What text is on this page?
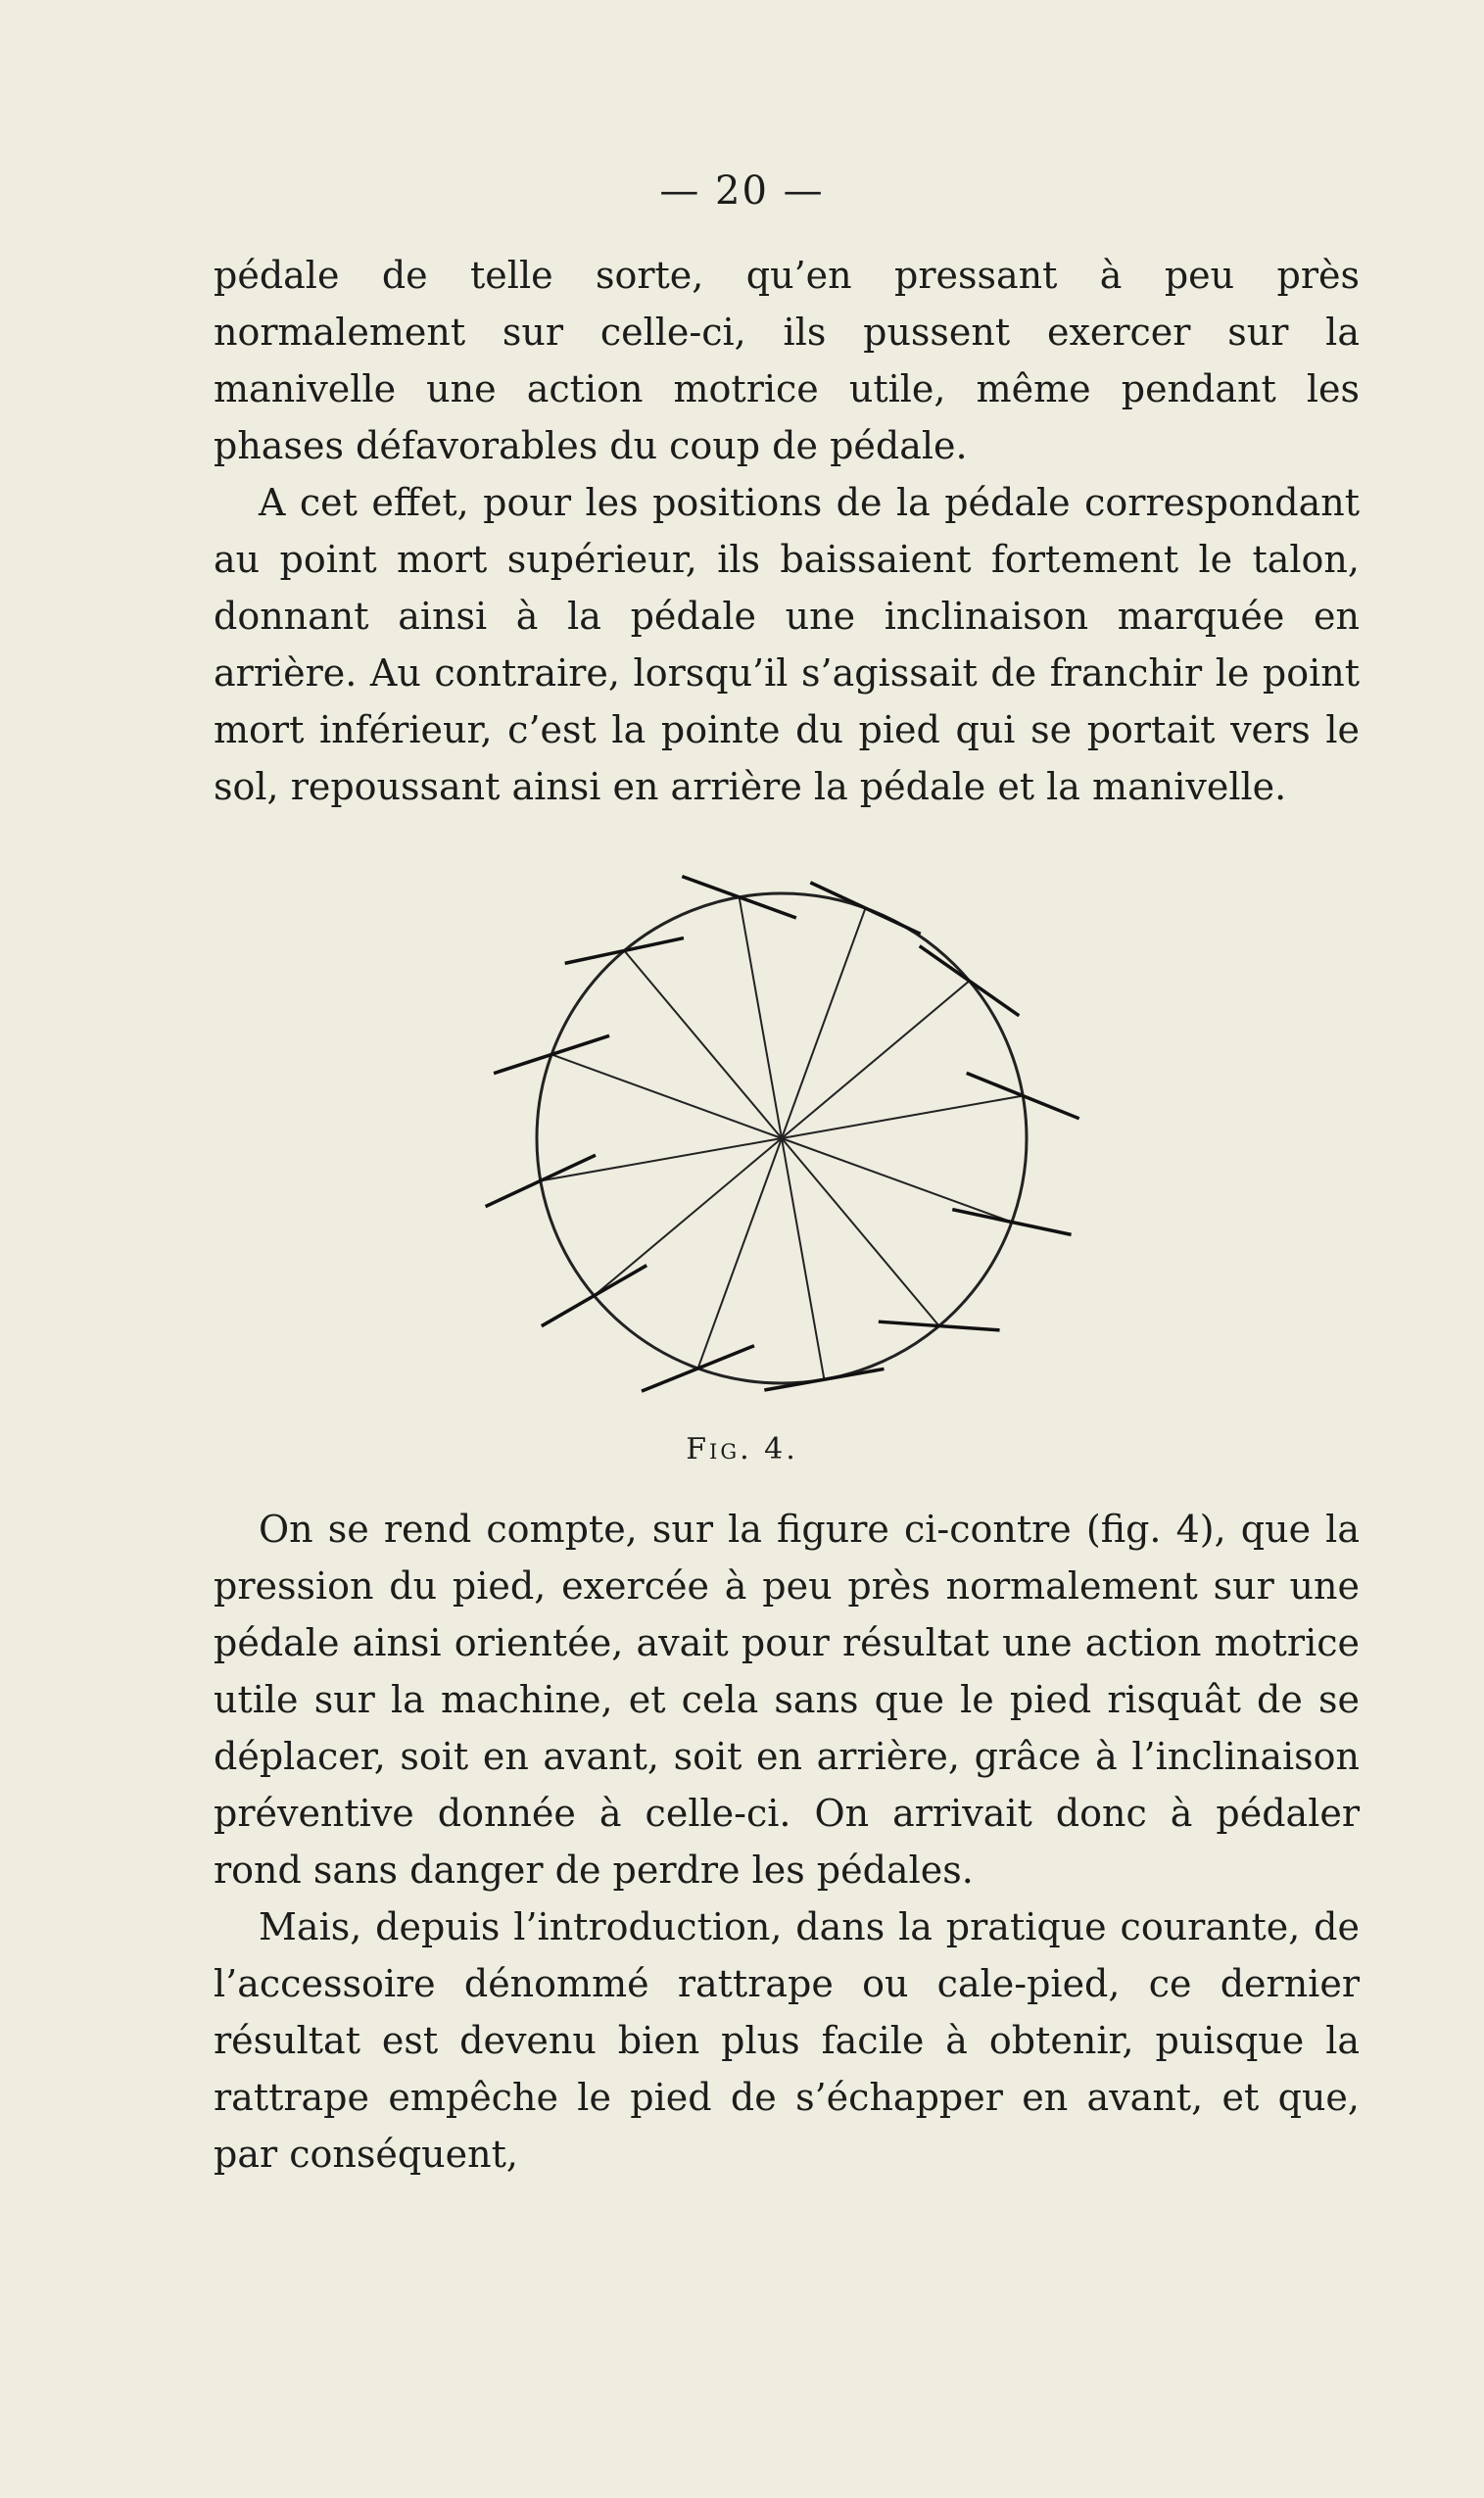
— 20 —

pédale de telle sorte, qu’en pressant à peu près normalement sur celle-ci, ils pussent exercer sur la manivelle une action motrice utile, même pendant les phases défavorables du coup de pédale.

A cet effet, pour les positions de la pédale correspondant au point mort supérieur, ils baissaient fortement le talon, donnant ainsi à la pédale une inclinaison marquée en arrière. Au contraire, lorsqu’il s’agissait de franchir le point mort inférieur, c’est la pointe du pied qui se portait vers le sol, repoussant ainsi en arrière la pédale et la manivelle.

Fig. 4.

On se rend compte, sur la figure ci-contre (fig. 4), que la pression du pied, exercée à peu près normalement sur une pédale ainsi orientée, avait pour résultat une action motrice utile sur la machine, et cela sans que le pied risquât de se déplacer, soit en avant, soit en arrière, grâce à l’inclinaison préventive donnée à celle-ci. On arrivait donc à pédaler rond sans danger de perdre les pédales.

Mais, depuis l’introduction, dans la pratique courante, de l’accessoire dénommé rattrape ou cale-pied, ce dernier résultat est devenu bien plus facile à obtenir, puisque la rattrape empêche le pied de s’échapper en avant, et que, par conséquent,
